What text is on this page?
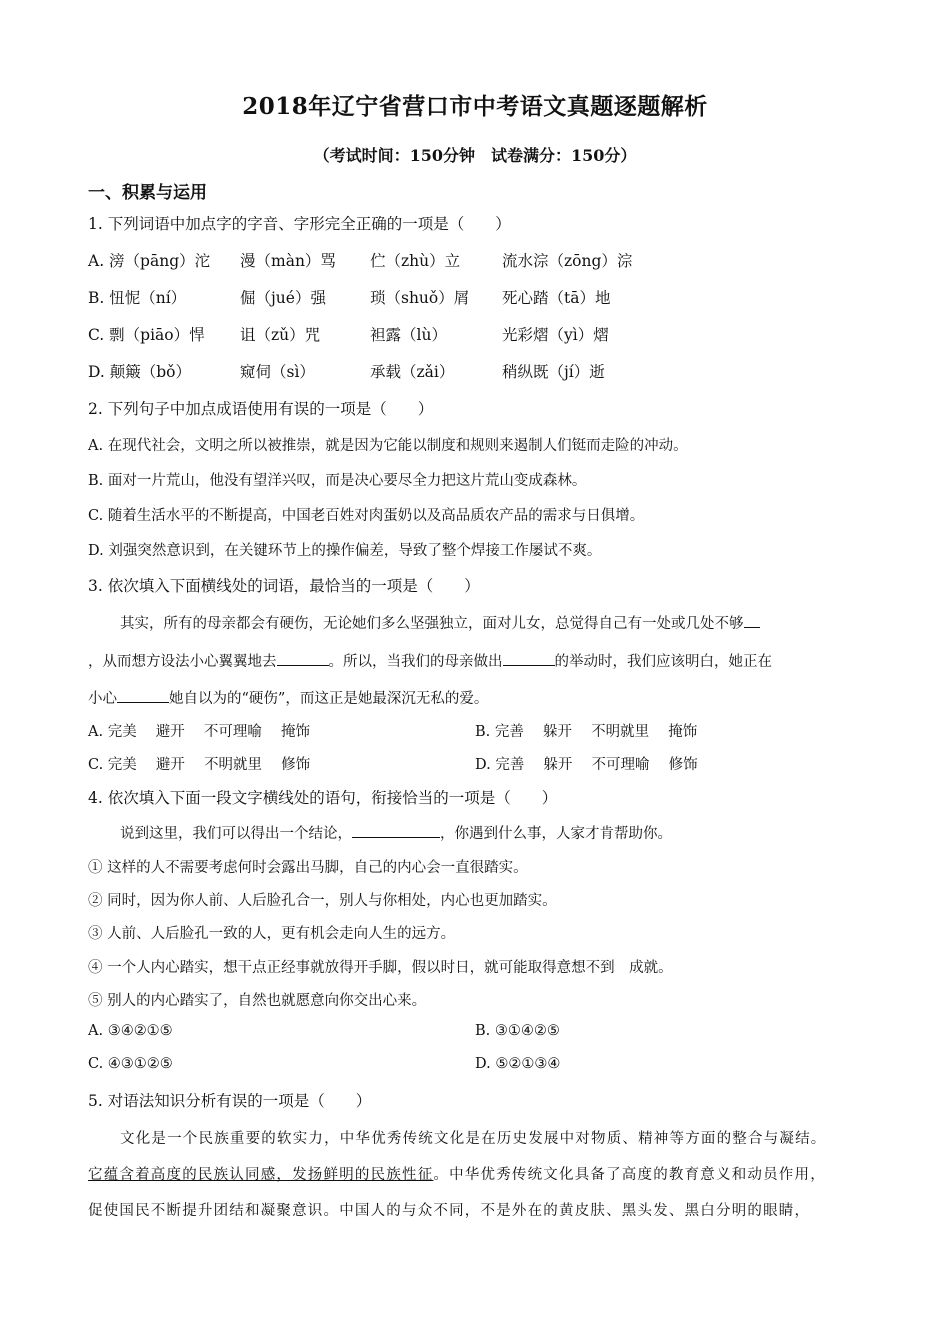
2018年辽宁省营口市中考语文真题逐题解析
（考试时间：150分钟　试卷满分：150分）
一、积累与运用
1. 下列词语中加点字的字音、字形完全正确的一项是（　　）
A. 滂（pāng）沱 漫（màn）骂 伫（zhù）立	流水淙（zōng）淙
B. 忸怩（ní）	倔（jué）强	琐（shuǒ）屑 死心踏（tā）地
C. 剽（piāo）悍 诅（zǔ）咒	袒露（lù）	光彩熠（yì）熠
D. 颠簸（bǒ）	窥伺（sì）	承载（zǎi）	稍纵既（jí）逝
2. 下列句子中加点成语使用有误的一项是（　　）
A. 在现代社会，文明之所以被推崇，就是因为它能以制度和规则来遏制人们铤而走险的冲动。
B. 面对一片荒山，他没有望洋兴叹，而是决心要尽全力把这片荒山变成森林。
C. 随着生活水平的不断提高，中国老百姓对肉蛋奶以及高品质农产品的需求与日俱增。
D. 刘强突然意识到，在关键环节上的操作偏差，导致了整个焊接工作屡试不爽。
3. 依次填入下面横线处的词语，最恰当的一项是（　　）
其实，所有的母亲都会有硬伤，无论她们多么坚强独立，面对儿女，总觉得自己有一处或几处不够
，从而想方设法小心翼翼地去	。所以，当我们的母亲做出	的举动时，我们应该明白，她正在
小心	她自以为的“硬伤”，而这正是她最深沉无私的爱。
A. 完美　 避开　 不可理喻　 掩饰	B. 完善　 躲开　 不明就里　 掩饰
C. 完美　 避开　 不明就里　 修饰	D. 完善　 躲开　 不可理喻　 修饰
4. 依次填入下面一段文字横线处的语句，衔接恰当的一项是（　　）
说到这里，我们可以得出一个结论，	，你遇到什么事，人家才肯帮助你。
① 这样的人不需要考虑何时会露出马脚，自己的内心会一直很踏实。
② 同时，因为你人前、人后脸孔合一，别人与你相处，内心也更加踏实。
③ 人前、人后脸孔一致的人，更有机会走向人生的远方。
④ 一个人内心踏实，想干点正经事就放得开手脚，假以时日，就可能取得意想不到　成就。
⑤ 别人的内心踏实了，自然也就愿意向你交出心来。
A. ③④②①⑤	B. ③①④②⑤
C. ④③①②⑤	D. ⑤②①③④
5. 对语法知识分析有误的一项是（　　）
文化是一个民族重要的软实力，中华优秀传统文化是在历史发展中对物质、精神等方面的整合与凝结。
它蕴含着高度的民族认同感，发扬鲜明的民族性征。中华优秀传统文化具备了高度的教育意义和动员作用，
促使国民不断提升团结和凝聚意识。中国人的与众不同，不是外在的黄皮肤、黑头发、黑白分明的眼睛，
